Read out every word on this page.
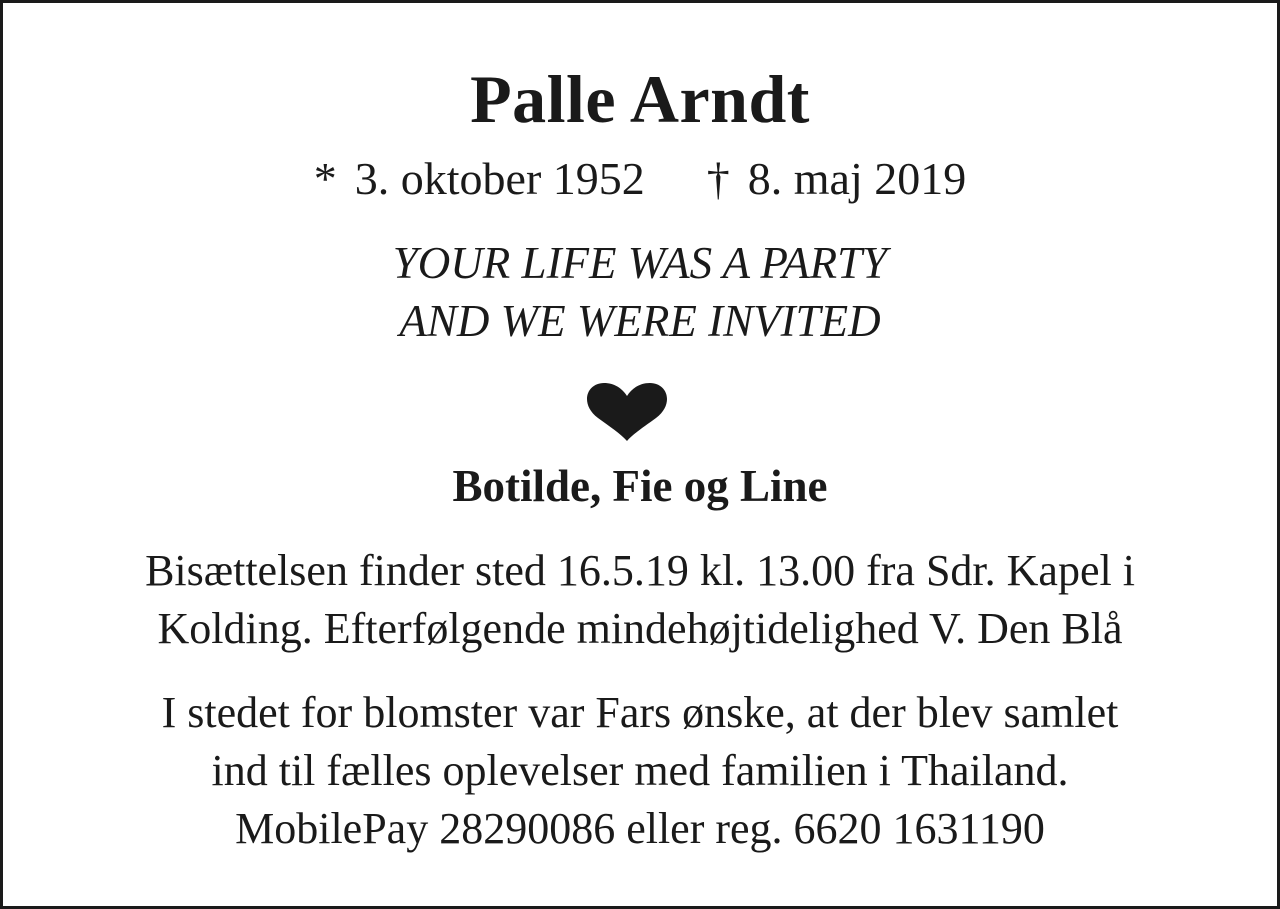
Palle Arndt
* 3. oktober 1952 † 8. maj 2019
YOUR LIFE WAS A PARTY
AND WE WERE INVITED
Botilde, Fie og Line
Bisættelsen finder sted 16.5.19 kl. 13.00 fra Sdr. Kapel i
Kolding. Efterfølgende mindehøjtidelighed V. Den Blå
I stedet for blomster var Fars ønske, at der blev samlet
ind til fælles oplevelser med familien i Thailand.
MobilePay 28290086 eller reg. 6620 1631190
